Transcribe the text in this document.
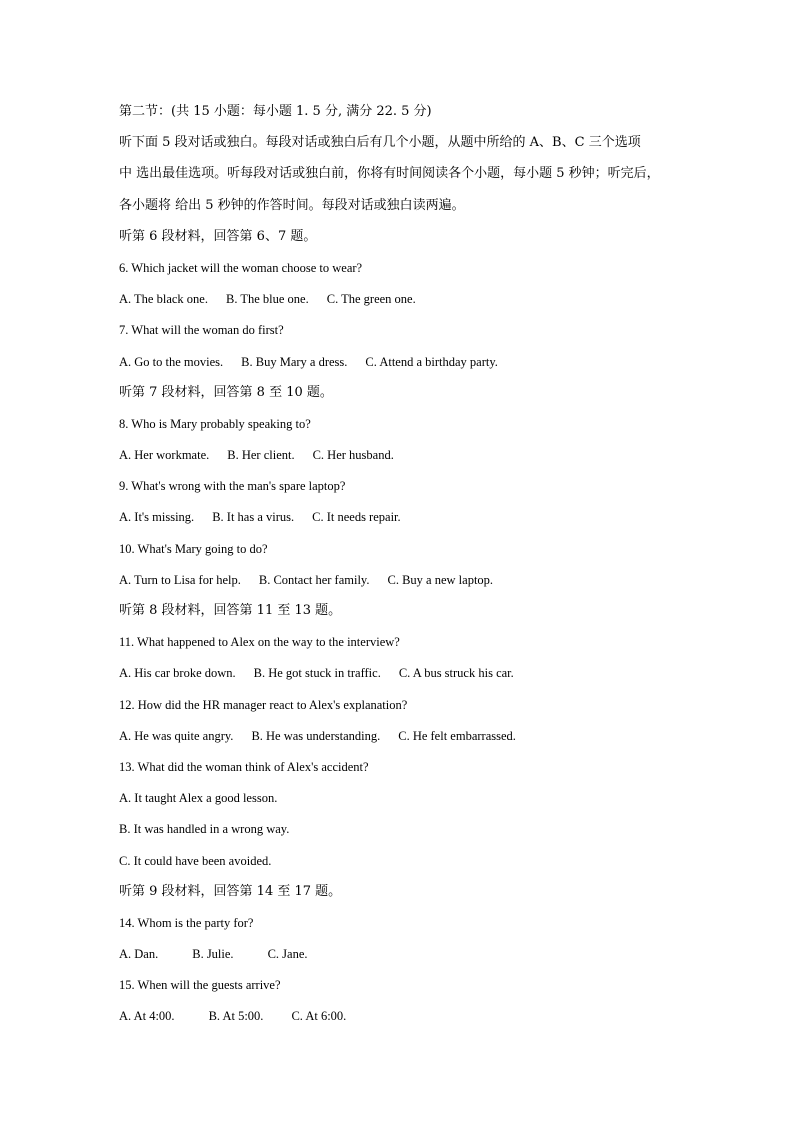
第二节：(共 15 小题：每小题 1. 5 分, 满分 22. 5 分)
听下面 5 段对话或独白。每段对话或独白后有几个小题，从题中所给的 A、B、C 三个选项
中 选出最佳选项。听每段对话或独白前，你将有时间阅读各个小题，每小题 5 秒钟；听完后，
各小题将 给出 5 秒钟的作答时间。每段对话或独白读两遍。
听第 6 段材料，回答第 6、7 题。
6. Which jacket will the woman choose to wear?
A. The black one. B. The blue one. C. The green one.
7. What will the woman do first?
A. Go to the movies. B. Buy Mary a dress. C. Attend a birthday party.
听第 7 段材料，回答第 8 至 10 题。
8. Who is Mary probably speaking to?
A. Her workmate. B. Her client. C. Her husband.
9. What's wrong with the man's spare laptop?
A. It's missing. B. It has a virus. C. It needs repair.
10. What's Mary going to do?
A. Turn to Lisa for help. B. Contact her family. C. Buy a new laptop.
听第 8 段材料，回答第 11 至 13 题。
11. What happened to Alex on the way to the interview?
A. His car broke down. B. He got stuck in traffic. C. A bus struck his car.
12. How did the HR manager react to Alex's explanation?
A. He was quite angry. B. He was understanding. C. He felt embarrassed.
13. What did the woman think of Alex's accident?
A. It taught Alex a good lesson.
B. It was handled in a wrong way.
C. It could have been avoided.
听第 9 段材料，回答第 14 至 17 题。
14. Whom is the party for?
A. Dan.	B. Julie.	C. Jane.
15. When will the guests arrive?
A. At 4:00.	B. At 5:00. C. At 6:00.
